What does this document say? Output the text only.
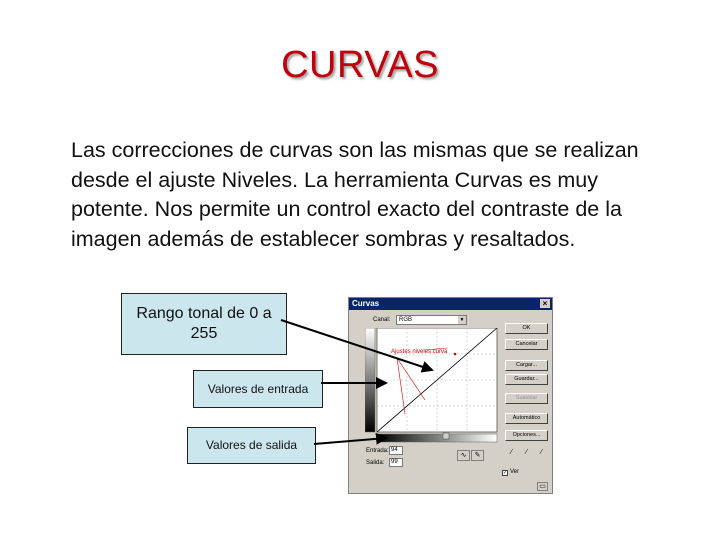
CURVAS
Las correcciones de curvas son las mismas que se realizan desde el ajuste Niveles. La herramienta Curvas es muy potente. Nos permite un control exacto del contraste de la imagen además de establecer sombras y resaltados.
Rango tonal de 0 a 255
Valores de entrada
Valores de salida
Curvas	×
Canal:	RGB	▼
Ajustes niveles curva
OK
Cancelar
Cargar...
Guardar...
Suavizar
Automático
Opciones...
Entrada: 94
Salida:	99
∿	✎	⁄	⁄	⁄
✓ Ver
▭
